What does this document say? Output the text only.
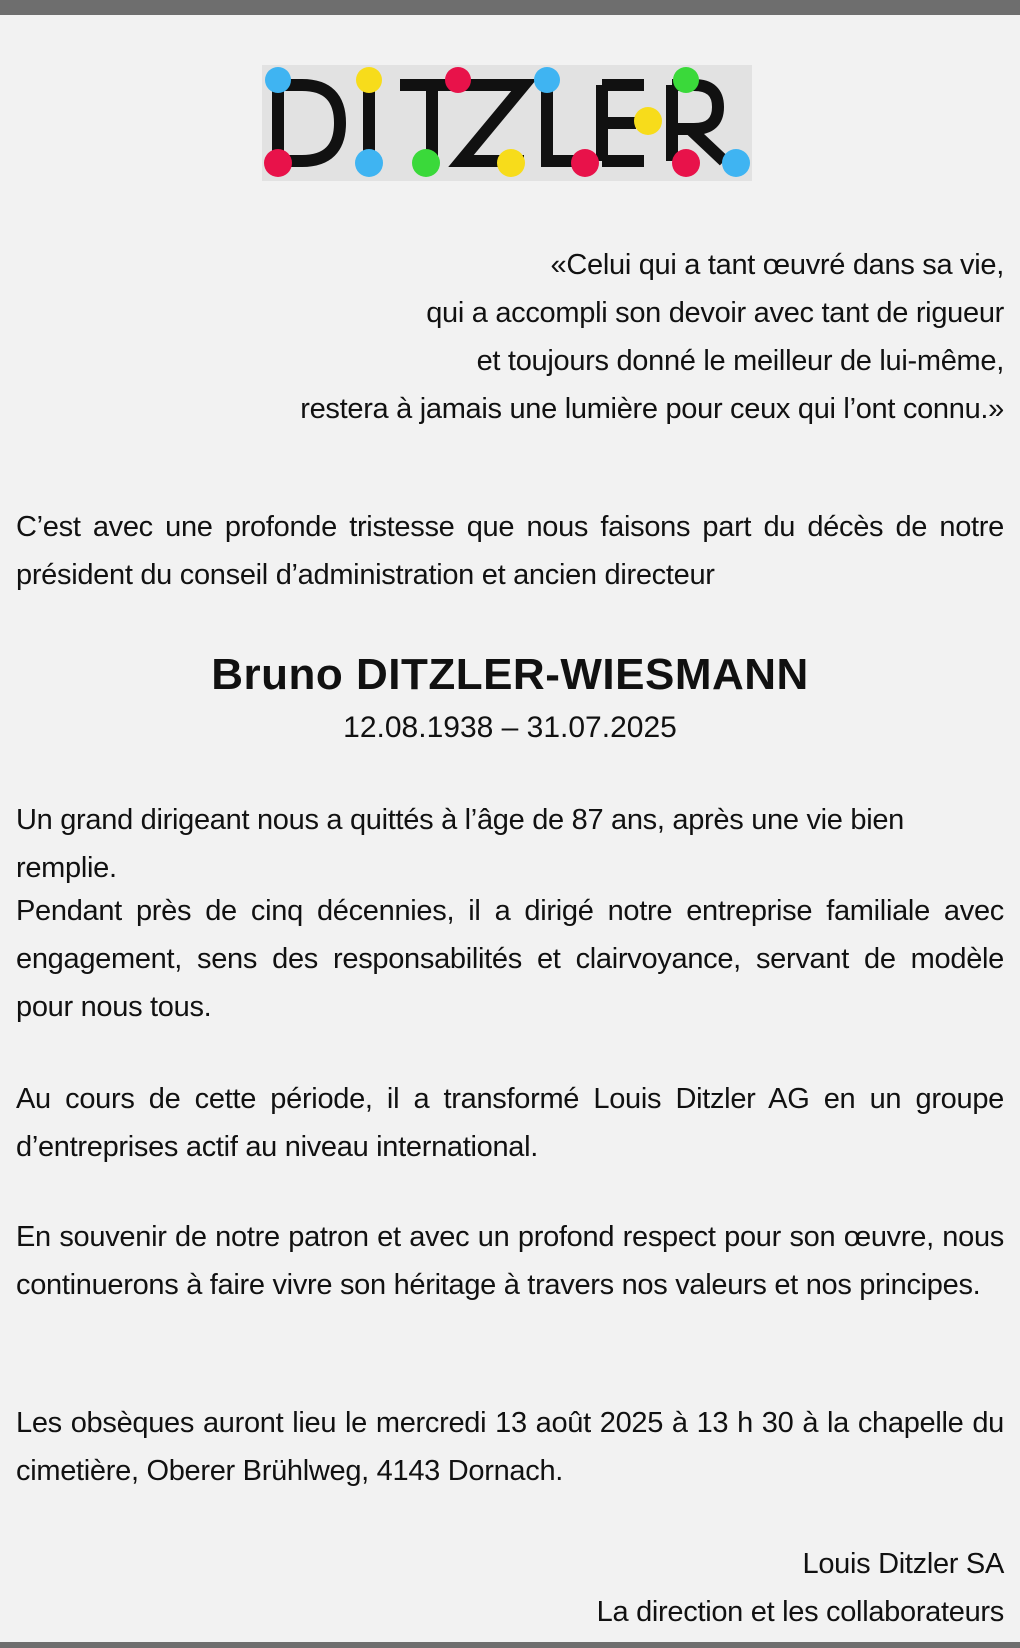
«Celui qui a tant œuvré dans sa vie,
qui a accompli son devoir avec tant de rigueur
et toujours donné le meilleur de lui-même,
restera à jamais une lumière pour ceux qui l’ont connu.»

C’est avec une profonde tristesse que nous faisons part du décès de notre président du conseil d’administration et ancien directeur

Bruno DITZLER-WIESMANN
12.08.1938 – 31.07.2025

Un grand dirigeant nous a quittés à l’âge de 87 ans, après une vie bien remplie.

Pendant près de cinq décennies, il a dirigé notre entreprise familiale avec engagement, sens des responsabilités et clairvoyance, servant de modèle pour nous tous.

Au cours de cette période, il a transformé Louis Ditzler AG en un groupe d’entreprises actif au niveau international.

En souvenir de notre patron et avec un profond respect pour son œuvre, nous continuerons à faire vivre son héritage à travers nos valeurs et nos principes.

Les obsèques auront lieu le mercredi 13 août 2025 à 13 h 30 à la chapelle du cimetière, Oberer Brühlweg, 4143 Dornach.

Louis Ditzler SA
La direction et les collaborateurs
